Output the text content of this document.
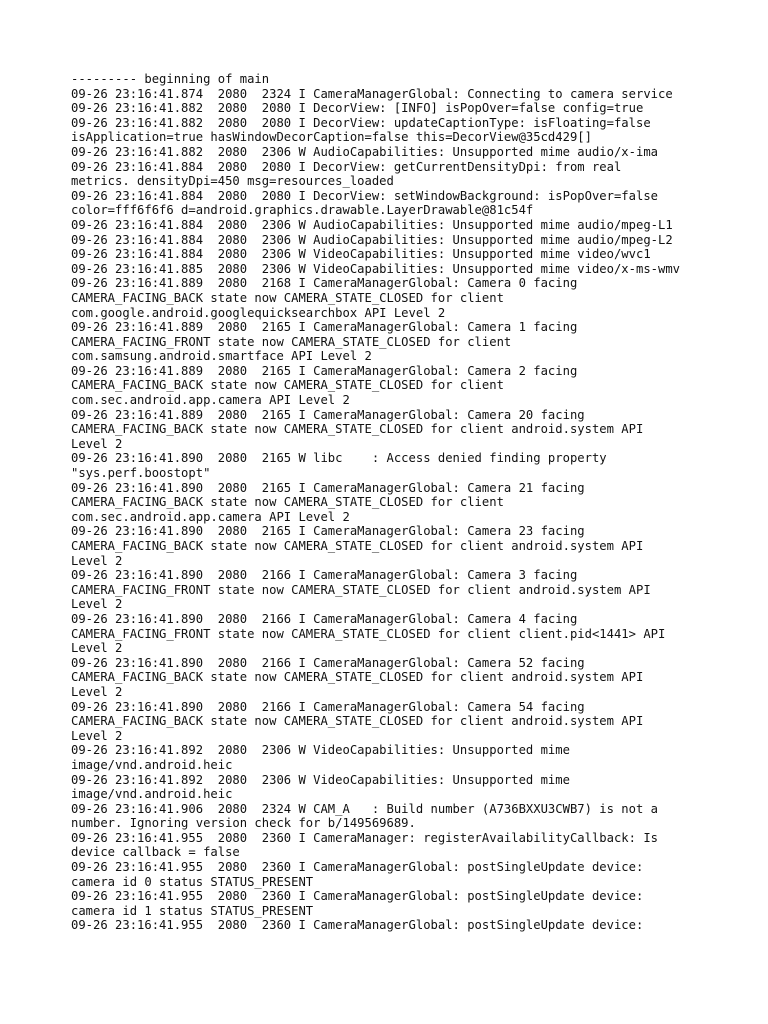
--------- beginning of main
09-26 23:16:41.874  2080  2324 I CameraManagerGlobal: Connecting to camera service
09-26 23:16:41.882  2080  2080 I DecorView: [INFO] isPopOver=false config=true
09-26 23:16:41.882  2080  2080 I DecorView: updateCaptionType: isFloating=false
isApplication=true hasWindowDecorCaption=false this=DecorView@35cd429[]
09-26 23:16:41.882  2080  2306 W AudioCapabilities: Unsupported mime audio/x-ima
09-26 23:16:41.884  2080  2080 I DecorView: getCurrentDensityDpi: from real
metrics. densityDpi=450 msg=resources_loaded
09-26 23:16:41.884  2080  2080 I DecorView: setWindowBackground: isPopOver=false
color=fff6f6f6 d=android.graphics.drawable.LayerDrawable@81c54f
09-26 23:16:41.884  2080  2306 W AudioCapabilities: Unsupported mime audio/mpeg-L1
09-26 23:16:41.884  2080  2306 W AudioCapabilities: Unsupported mime audio/mpeg-L2
09-26 23:16:41.884  2080  2306 W VideoCapabilities: Unsupported mime video/wvc1
09-26 23:16:41.885  2080  2306 W VideoCapabilities: Unsupported mime video/x-ms-wmv
09-26 23:16:41.889  2080  2168 I CameraManagerGlobal: Camera 0 facing
CAMERA_FACING_BACK state now CAMERA_STATE_CLOSED for client
com.google.android.googlequicksearchbox API Level 2
09-26 23:16:41.889  2080  2165 I CameraManagerGlobal: Camera 1 facing
CAMERA_FACING_FRONT state now CAMERA_STATE_CLOSED for client
com.samsung.android.smartface API Level 2
09-26 23:16:41.889  2080  2165 I CameraManagerGlobal: Camera 2 facing
CAMERA_FACING_BACK state now CAMERA_STATE_CLOSED for client
com.sec.android.app.camera API Level 2
09-26 23:16:41.889  2080  2165 I CameraManagerGlobal: Camera 20 facing
CAMERA_FACING_BACK state now CAMERA_STATE_CLOSED for client android.system API
Level 2
09-26 23:16:41.890  2080  2165 W libc    : Access denied finding property
"sys.perf.boostopt"
09-26 23:16:41.890  2080  2165 I CameraManagerGlobal: Camera 21 facing
CAMERA_FACING_BACK state now CAMERA_STATE_CLOSED for client
com.sec.android.app.camera API Level 2
09-26 23:16:41.890  2080  2165 I CameraManagerGlobal: Camera 23 facing
CAMERA_FACING_BACK state now CAMERA_STATE_CLOSED for client android.system API
Level 2
09-26 23:16:41.890  2080  2166 I CameraManagerGlobal: Camera 3 facing
CAMERA_FACING_FRONT state now CAMERA_STATE_CLOSED for client android.system API
Level 2
09-26 23:16:41.890  2080  2166 I CameraManagerGlobal: Camera 4 facing
CAMERA_FACING_FRONT state now CAMERA_STATE_CLOSED for client client.pid<1441> API
Level 2
09-26 23:16:41.890  2080  2166 I CameraManagerGlobal: Camera 52 facing
CAMERA_FACING_BACK state now CAMERA_STATE_CLOSED for client android.system API
Level 2
09-26 23:16:41.890  2080  2166 I CameraManagerGlobal: Camera 54 facing
CAMERA_FACING_BACK state now CAMERA_STATE_CLOSED for client android.system API
Level 2
09-26 23:16:41.892  2080  2306 W VideoCapabilities: Unsupported mime
image/vnd.android.heic
09-26 23:16:41.892  2080  2306 W VideoCapabilities: Unsupported mime
image/vnd.android.heic
09-26 23:16:41.906  2080  2324 W CAM_A   : Build number (A736BXXU3CWB7) is not a
number. Ignoring version check for b/149569689.
09-26 23:16:41.955  2080  2360 I CameraManager: registerAvailabilityCallback: Is
device callback = false
09-26 23:16:41.955  2080  2360 I CameraManagerGlobal: postSingleUpdate device:
camera id 0 status STATUS_PRESENT
09-26 23:16:41.955  2080  2360 I CameraManagerGlobal: postSingleUpdate device:
camera id 1 status STATUS_PRESENT
09-26 23:16:41.955  2080  2360 I CameraManagerGlobal: postSingleUpdate device:
